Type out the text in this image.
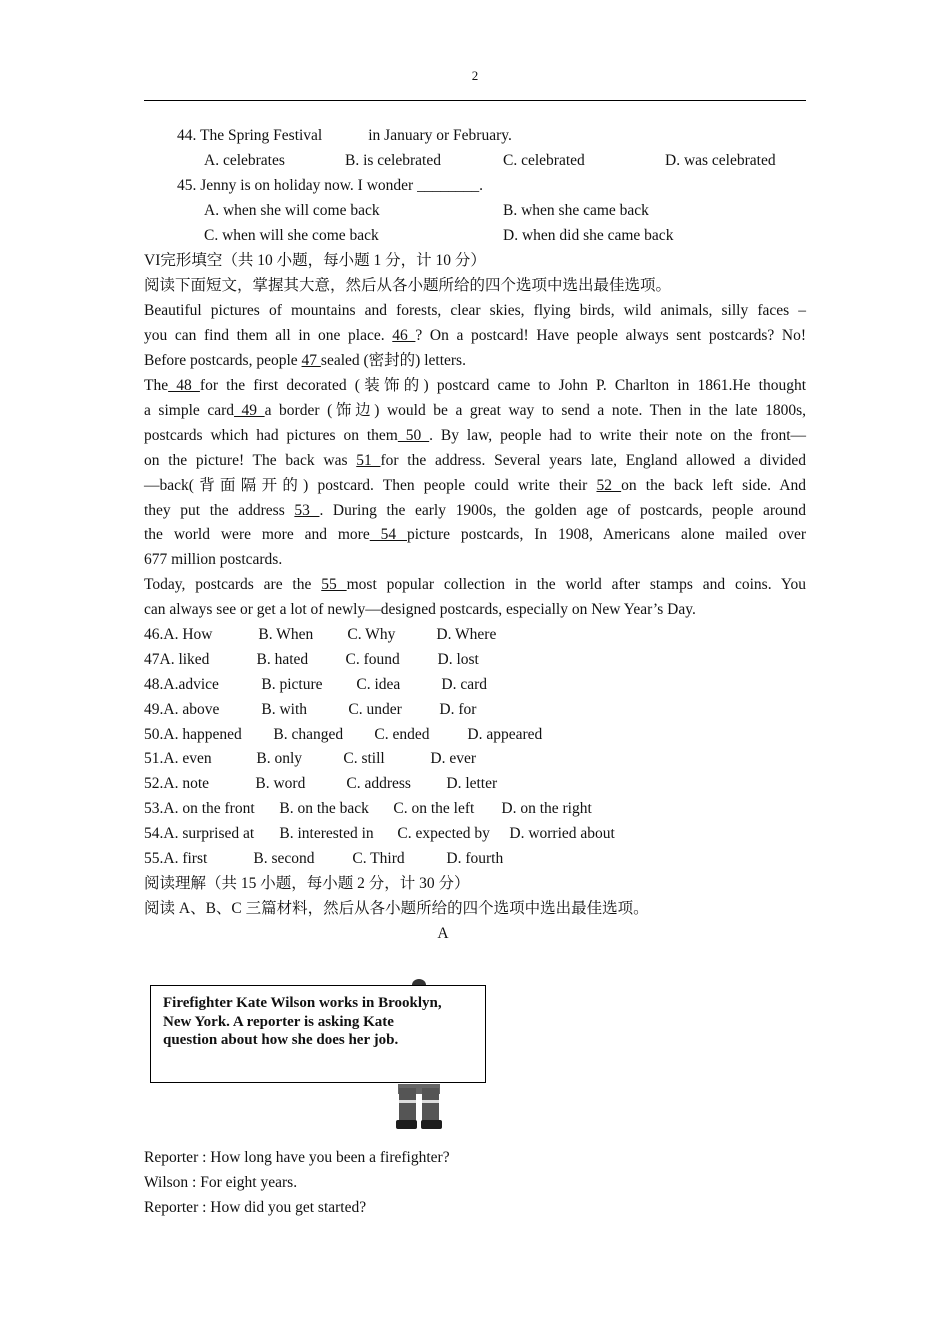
2
44. The Spring Festival	in January or February.
A. celebrates	B. is celebrated	C. celebrated	D. was celebrated
45. Jenny is on holiday now. I wonder ________.
A. when she will come back	B. when she came back
C. when will she come back	D. when did she came back
VI完形填空（共 10 小题，每小题 1 分，计 10 分）
阅读下面短文，掌握其大意，然后从各小题所给的四个选项中选出最佳选项。
Beautiful pictures of mountains and forests, clear skies, flying birds, wild animals, silly faces –
you can find them all in one place. 46 ? On a postcard! Have people always sent postcards? No!
Before postcards, people 47 sealed (密封的) letters.
The 48 for the first decorated (装饰的) postcard came to John P. Charlton in 1861.He thought
a simple card 49 a border (饰边) would be a great way to send a note. Then in the late 1800s,
postcards which had pictures on them 50 . By law, people had to write their note on the front—
on the picture! The back was 51 for the address. Several years late, England allowed a divided
—back(背面隔开的) postcard. Then people could write their 52 on the back left side. And
they put the address 53 . During the early 1900s, the golden age of postcards, people around
the world were more and more 54 picture postcards, In 1908, Americans alone mailed over
677 million postcards.
Today, postcards are the 55 most popular collection in the world after stamps and coins. You
can always see or get a lot of newly—designed postcards, especially on New Year’s Day.
46.A. How	B. When C. Why	D. Where
47A. liked	B. hated C. found D. lost
48.A.advice	B. picture C. idea	D. card
49.A. above	B. with	C. under D. for
50.A. happened B. changed C. ended D. appeared
51.A. even	B. only	C. still	D. ever
52.A. note	B. word	C. address D. letter
53.A. on the front B. on the back C. on the left D. on the right
54.A. surprised at B. interested in C. expected by D. worried about
55.A. first	B. second C. Third	D. fourth
阅读理解（共 15 小题，每小题 2 分，计 30 分）
阅读 A、B、C 三篇材料，然后从各小题所给的四个选项中选出最佳选项。
A
Firefighter Kate Wilson works in Brooklyn,
New York. A reporter is asking Kate
question about how she does her job.
Reporter : How long have you been a firefighter?
Wilson : For eight years.
Reporter : How did you get started?
